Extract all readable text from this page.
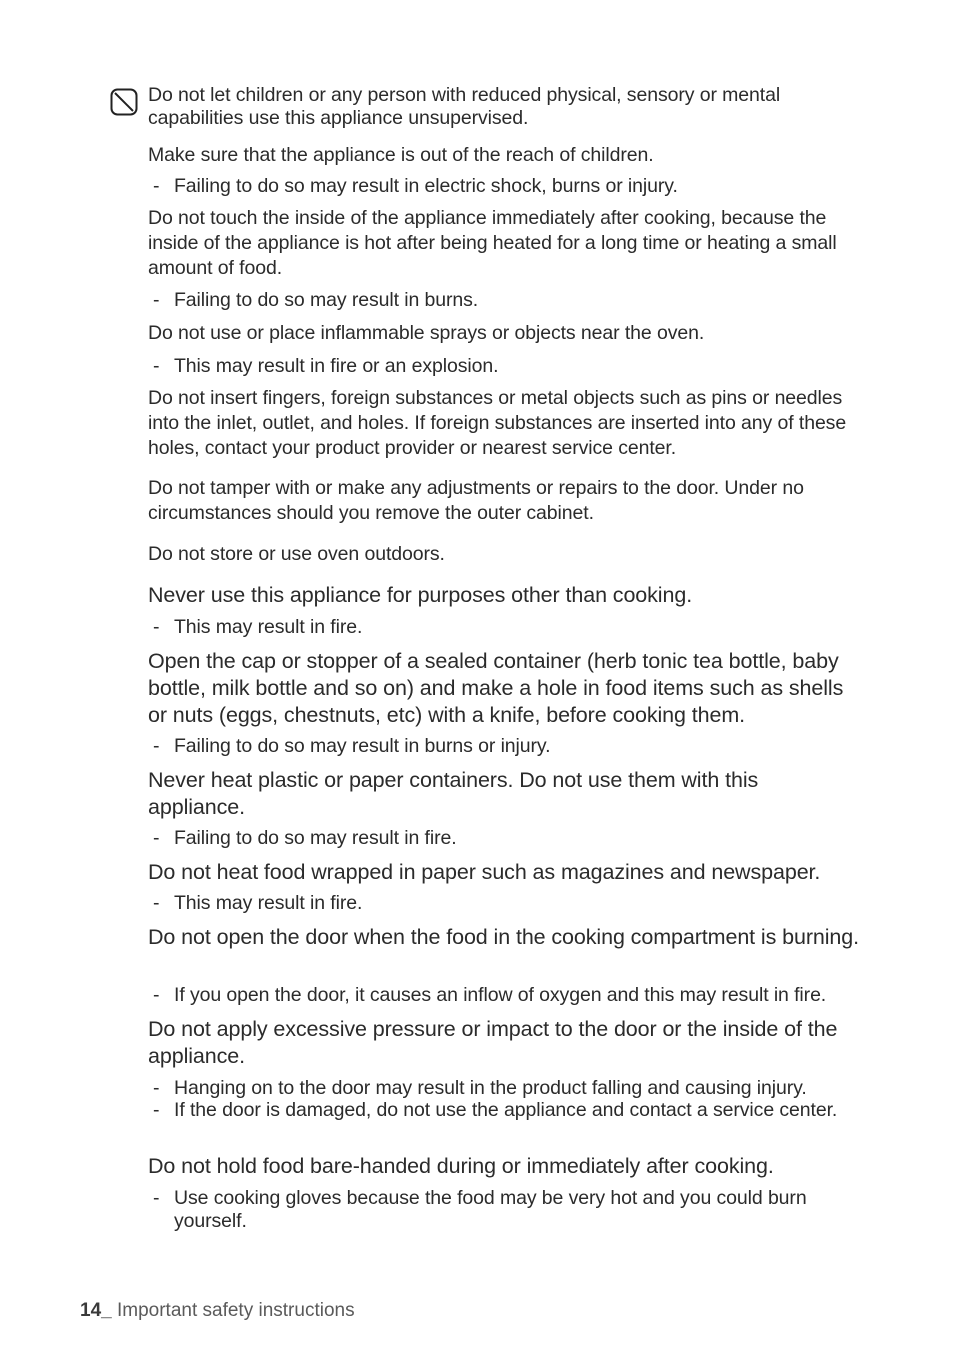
Do not let children or any person with reduced physical, sensory or mental capabilities use this appliance unsupervised.

Make sure that the appliance is out of the reach of children.

- Failing to do so may result in electric shock, burns or injury.

Do not touch the inside of the appliance immediately after cooking, because the inside of the appliance is hot after being heated for a long time or heating a small amount of food.

- Failing to do so may result in burns.

Do not use or place inflammable sprays or objects near the oven.

- This may result in fire or an explosion.

Do not insert fingers, foreign substances or metal objects such as pins or needles into the inlet, outlet, and holes. If foreign substances are inserted into any of these holes, contact your product provider or nearest service center.

Do not tamper with or make any adjustments or repairs to the door. Under no circumstances should you remove the outer cabinet.

Do not store or use oven outdoors.

Never use this appliance for purposes other than cooking.

- This may result in fire.

Open the cap or stopper of a sealed container (herb tonic tea bottle, baby bottle, milk bottle and so on) and make a hole in food items such as shells or nuts (eggs, chestnuts, etc) with a knife, before cooking them.

- Failing to do so may result in burns or injury.

Never heat plastic or paper containers. Do not use them with this appliance.

- Failing to do so may result in fire.

Do not heat food wrapped in paper such as magazines and newspaper.

- This may result in fire.

Do not open the door when the food in the cooking compartment is burning.

- If you open the door, it causes an inflow of oxygen and this may result in fire.

Do not apply excessive pressure or impact to the door or the inside of the appliance.

- Hanging on to the door may result in the product falling and causing injury.

- If the door is damaged, do not use the appliance and contact a service center.

Do not hold food bare-handed during or immediately after cooking.

- Use cooking gloves because the food may be very hot and you could burn yourself.

14_ Important safety instructions
